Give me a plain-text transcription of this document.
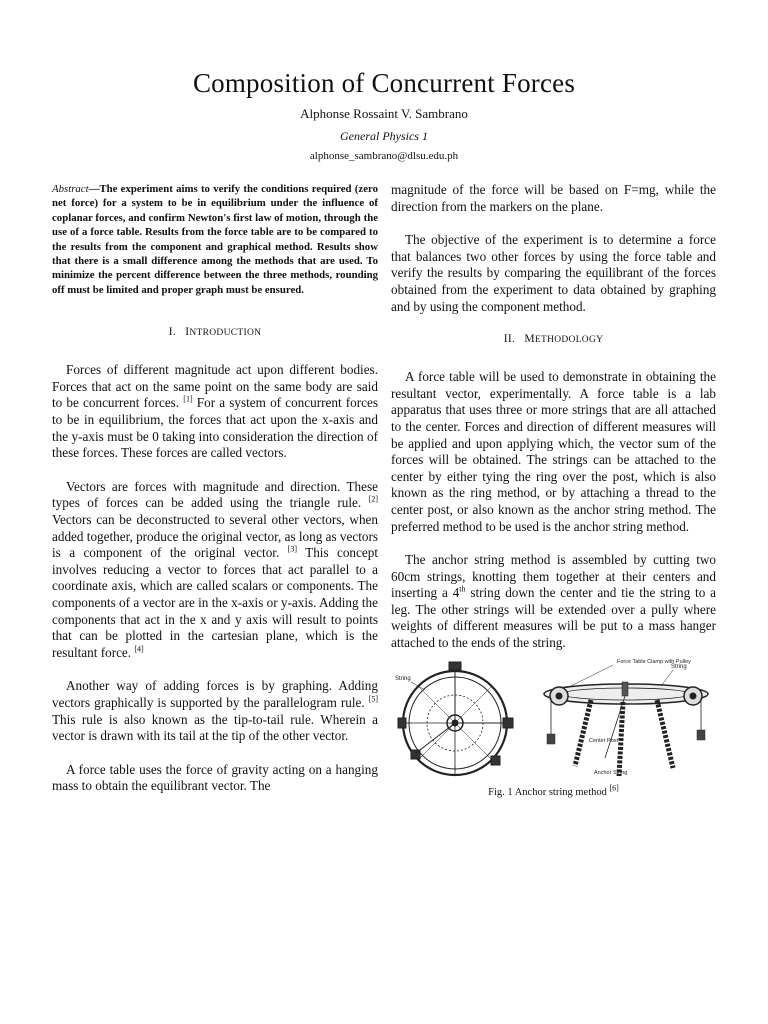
Composition of Concurrent Forces
Alphonse Rossaint V. Sambrano
General Physics 1
alphonse_sambrano@dlsu.edu.ph

Abstract—The experiment aims to verify the conditions required (zero net force) for a system to be in equilibrium under the influence of coplanar forces, and confirm Newton's first law of motion, through the use of a force table. Results from the force table are to be compared to the results from the component and graphical method. Results show that there is a small difference among the methods that are used. To minimize the percent difference between the three methods, rounding off must be limited and proper graph must be ensured.

I. INTRODUCTION

Forces of different magnitude act upon different bodies. Forces that act on the same point on the same body are said to be concurrent forces. [1] For a system of concurrent forces to be in equilibrium, the forces that act upon the x-axis and the y-axis must be 0 taking into consideration the direction of these forces. These forces are called vectors.

Vectors are forces with magnitude and direction. These types of forces can be added using the triangle rule. [2] Vectors can be deconstructed to several other vectors, when added together, produce the original vector, as long as vectors is a component of the original vector. [3] This concept involves reducing a vector to forces that act parallel to a coordinate axis, which are called scalars or components. The components of a vector are in the x-axis or y-axis. Adding the components that act in the x and y axis will result to points that can be plotted in the cartesian plane, which is the resultant force. [4]

Another way of adding forces is by graphing. Adding vectors graphically is supported by the parallelogram rule. [5] This rule is also known as the tip-to-tail rule. Wherein a vector is drawn with its tail at the tip of the other vector.

A force table uses the force of gravity acting on a hanging mass to obtain the equilibrant vector. The

magnitude of the force will be based on F=mg, while the direction from the markers on the plane.

The objective of the experiment is to determine a force that balances two other forces by using the force table and verify the results by comparing the equilibrant of the forces obtained from the experiment to data obtained by graphing and by using the component method.

II. METHODOLOGY

A force table will be used to demonstrate in obtaining the resultant vector, experimentally. A force table is a lab apparatus that uses three or more strings that are all attached to the center. Forces and direction of different measures will be applied and upon applying which, the vector sum of the forces will be obtained. The strings can be attached to the center by either tying the ring over the post, which is also known as the ring method, or by attaching a thread to the center post, or also known as the anchor string method. The preferred method to be used is the anchor string method.

The anchor string method is assembled by cutting two 60cm strings, knotting them together at their centers and inserting a 4th string down the center and tie the string to a leg. The other strings will be extended over a pully where weights of different measures will be put to a mass hanger attached to the ends of the string.

String
Force Table Clamp with Pulley
String
Center Post
Anchor String
Fig. 1 Anchor string method [6]
